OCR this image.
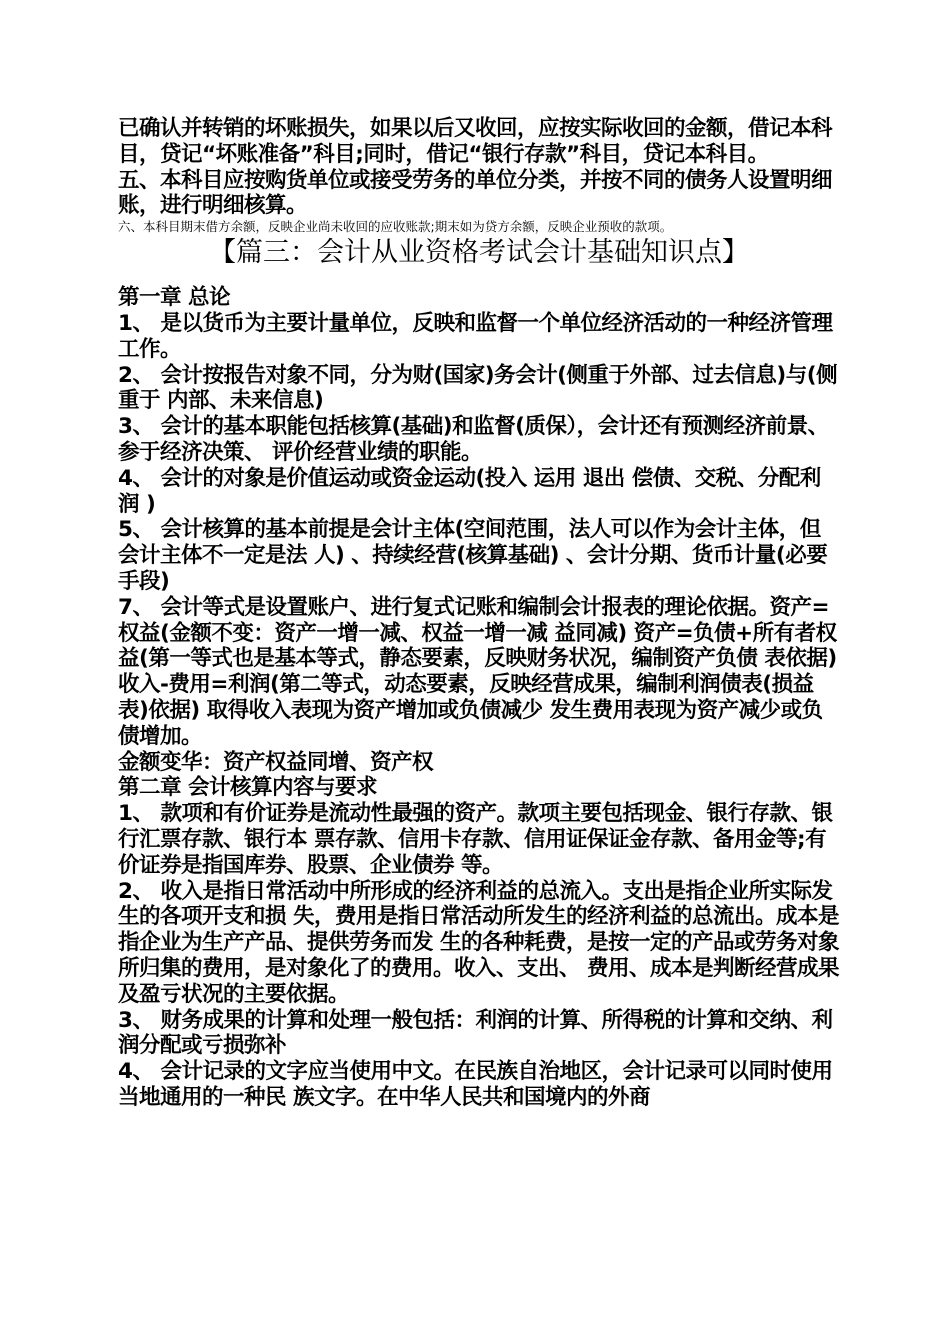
已确认并转销的坏账损失，如果以后又收回，应按实际收回的金额，借记本科目，贷记“坏账准备”科目;同时，借记“银行存款”科目，贷记本科目。

五、本科目应按购货单位或接受劳务的单位分类，并按不同的债务人设置明细账，进行明细核算。

六、本科目期末借方余额，反映企业尚未收回的应收账款;期末如为贷方余额，反映企业预收的款项。

【篇三：会计从业资格考试会计基础知识点】

第一章 总论

1、 是以货币为主要计量单位，反映和监督一个单位经济活动的一种经济管理工作。

2、 会计按报告对象不同，分为财(国家)务会计(侧重于外部、过去信息)与(侧重于 内部、未来信息)

3、 会计的基本职能包括核算(基础)和监督(质保），会计还有预测经济前景、参于经济决策、 评价经营业绩的职能。

4、 会计的对象是价值运动或资金运动(投入 运用 退出 偿债、交税、分配利润 )

5、 会计核算的基本前提是会计主体(空间范围，法人可以作为会计主体，但会计主体不一定是法 人) 、持续经营(核算基础) 、会计分期、货币计量(必要手段)

7、 会计等式是设置账户、进行复式记账和编制会计报表的理论依据。资产=权益(金额不变：资产一增一减、权益一增一减 益同减) 资产=负债+所有者权益(第一等式也是基本等式，静态要素，反映财务状况，编制资产负债 表依据) 收入-费用=利润(第二等式，动态要素，反映经营成果，编制利润债表(损益表)依据) 取得收入表现为资产增加或负债减少 发生费用表现为资产减少或负债增加。

金额变华：资产权益同增、资产权

第二章 会计核算内容与要求

1、 款项和有价证券是流动性最强的资产。款项主要包括现金、银行存款、银行汇票存款、银行本 票存款、信用卡存款、信用证保证金存款、备用金等;有价证券是指国库券、股票、企业债券 等。

2、 收入是指日常活动中所形成的经济利益的总流入。支出是指企业所实际发生的各项开支和损 失，费用是指日常活动所发生的经济利益的总流出。成本是指企业为生产产品、提供劳务而发 生的各种耗费，是按一定的产品或劳务对象所归集的费用，是对象化了的费用。收入、支出、 费用、成本是判断经营成果及盈亏状况的主要依据。

3、 财务成果的计算和处理一般包括：利润的计算、所得税的计算和交纳、利润分配或亏损弥补

4、 会计记录的文字应当使用中文。在民族自治地区，会计记录可以同时使用当地通用的一种民 族文字。在中华人民共和国境内的外商
